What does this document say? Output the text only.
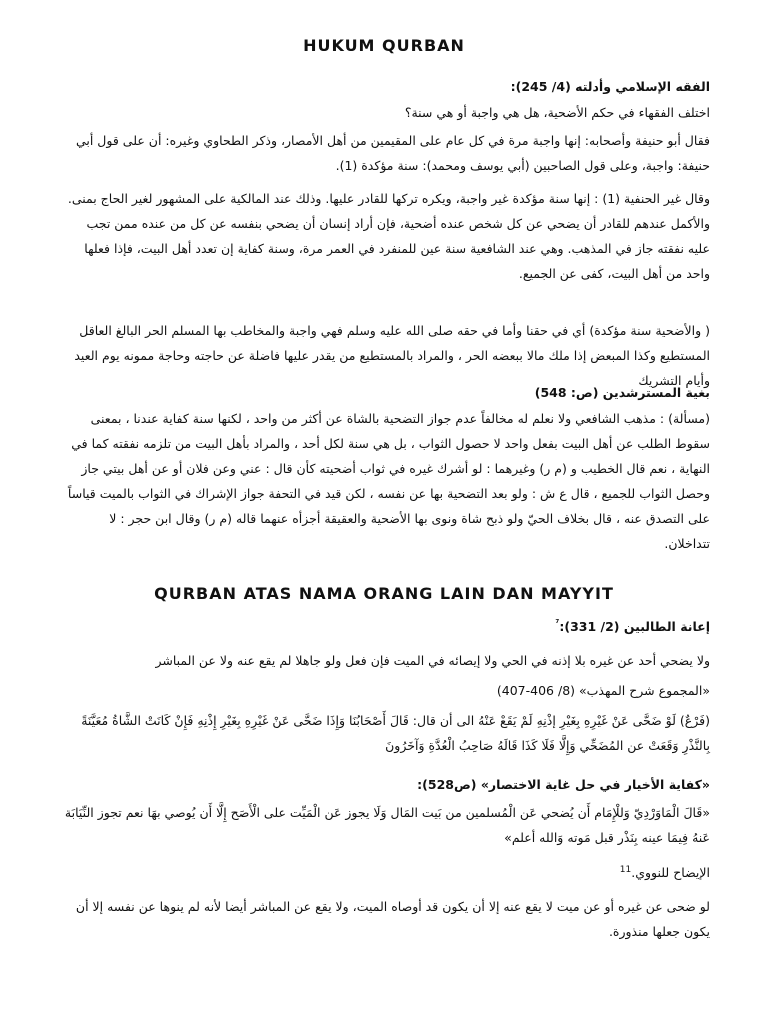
HUKUM QURBAN
الفقه الإسلامي وأدلته (4/ 245):
اختلف الفقهاء في حكم الأضحية، هل هي واجبة أو هي سنة؟
فقال أبو حنيفة وأصحابه: إنها واجبة مرة في كل عام على المقيمين من أهل الأمصار، وذكر الطحاوي وغيره: أن على قول أبي حنيفة: واجبة، وعلى قول الصاحبين (أبي يوسف ومحمد): سنة مؤكدة (1).
وقال غير الحنفية (1) : إنها سنة مؤكدة غير واجبة، ويكره تركها للقادر عليها. وذلك عند المالكية على المشهور لغير الحاج بمنى. والأكمل عندهم للقادر أن يضحي عن كل شخص عنده أضحية، فإن أراد إنسان أن يضحي بنفسه عن كل من عنده ممن تجب عليه نفقته جاز في المذهب. وهي عند الشافعية سنة عين للمنفرد في العمر مرة، وسنة كفاية إن تعدد أهل البيت، فإذا فعلها واحد من أهل البيت، كفى عن الجميع.
( والأضحية سنة مؤكدة) أي في حقنا وأما في حقه صلى الله عليه وسلم فهي واجبة والمخاطب بها المسلم الحر البالغ العاقل المستطيع وكذا المبعض إذا ملك مالا ببعضه الحر ، والمراد بالمستطيع من يقدر عليها فاضلة عن حاجته وحاجة ممونه يوم العيد وأيام التشريك
بغية المسترشدين (ص: 548)
(مسألة) : مذهب الشافعي ولا نعلم له مخالفاً عدم جواز التضحية بالشاة عن أكثر من واحد ، لكنها سنة كفاية عندنا ، بمعنى سقوط الطلب عن أهل البيت بفعل واحد لا حصول الثواب ، بل هي سنة لكل أحد ، والمراد بأهل البيت من تلزمه نفقته كما في النهاية ، نعم قال الخطيب و (م ر) وغيرهما : لو أشرك غيره في ثواب أضحيته كأن قال : عني وعن فلان أو عن أهل بيتي جاز وحصل الثواب للجميع ، قال ع ش : ولو بعد التضحية بها عن نفسه ، لكن قيد في التحفة جواز الإشراك في الثواب بالميت قياساً على التصدق عنه ، قال بخلاف الحيّ ولو ذبح شاة ونوى بها الأضحية والعقيقة أجزأه عنهما قاله (م ر) وقال ابن حجر : لا تتداخلان.
QURBAN ATAS NAMA ORANG LAIN DAN MAYYIT
إعانة الطالبين (2/ 331):$^{^7}$
ولا يضحي أحد عن غيره بلا إذنه في الحي ولا إيصائه في الميت فإن فعل ولو جاهلا لم يقع عنه ولا عن المباشر
«المجموع شرح المهذب» (8/ 406-407)
(فَرْعٌ) لَوْ ضَحَّى عَنْ غَيْرِهِ بِغَيْرِ إذْنِهِ لَمْ يَقَعْ عَنْهُ الى أن قال: قَالَ أَصْحَابُنَا وَإِذَا ضَحَّى عَنْ غَيْرِهِ بِغَيْرِ إِذْنِهِ فَإِنْ كَانَتْ الشَّاةُ مُعَيَّنَةً بِالنَّذْرِ وَقَعَتْ عن المُضَحِّي وَإِلَّا فَلَا كَذَا قَالَهُ صَاحِبُ الْعُدَّةِ وَآخَرُونَ
«كفاية الأخيار في حل غاية الاختصار» (ص528):
«قَالَ الْمَاوَرْدِيّ وَللْإِمَام أَن يُضحي عَن الْمُسلمين من بَيت المَال وَلَا يجوز عَن الْمَيِّت على الْأَصَح إِلَّا أَن يُوصي بهَا نعم تجوز النِّيَابَة عَنهُ فِيمَا عينه بِنَذْر قبل مَوته وَالله أعلم»
الإيضاح للنووي.$^{11}$
لو ضحى عن غيره أو عن ميت لا يقع عنه إلا أن يكون قد أوصاه الميت، ولا يقع عن المباشر أيضا لأنه لم ينوها عن نفسه إلا أن يكون جعلها منذورة.
